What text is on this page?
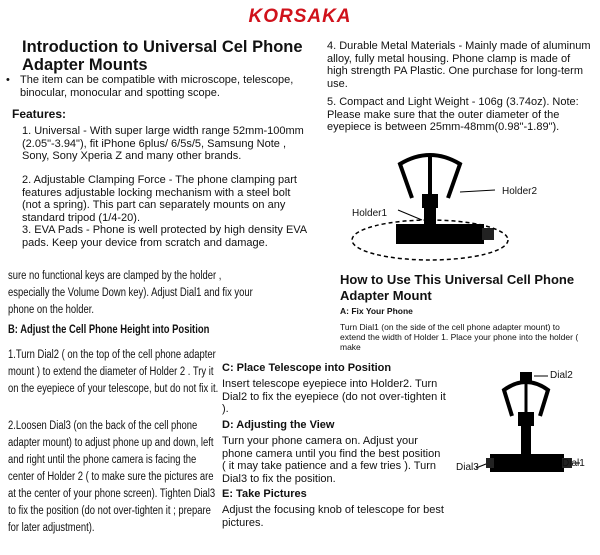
KORSAKA
Introduction to Universal Cel Phone Adapter Mounts
• The item can be compatible with microscope, telescope, binocular, monocular and spotting scope.
Features:
1. Universal - With super large width range 52mm-100mm (2.05"-3.94"), fit iPhone 6plus/ 6/5s/5, Samsung Note , Sony, Sony Xperia Z and many other brands.
2. Adjustable Clamping Force - The phone clamping part features adjustable locking mechanism with a steel bolt (not a spring). This part can separately mounts on any standard tripod (1/4-20).
3. EVA Pads - Phone is well protected by high density EVA pads. Keep your device from scratch and damage.
4. Durable Metal Materials - Mainly made of aluminum alloy, fully metal housing. Phone clamp is made of high strength PA Plastic. One purchase for long-term use.
5. Compact and Light Weight - 106g (3.74oz). Note: Please make sure that the outer diameter of the eyepiece is between 25mm-48mm(0.98"-1.89").
Holder2
Holder1
How to Use This Universal Cell Phone Adapter Mount
A: Fix Your Phone
Turn Dial1 (on the side of the cell phone adapter mount) to extend the width of Holder 1. Place your phone into the holder ( make
sure no functional keys are clamped by the holder , especially the Volume Down key). Adjust Dial1 and fix your phone on the holder.
B: Adjust the Cell Phone Height into Position
1.Turn Dial2 ( on the top of the cell phone adapter mount ) to extend the diameter of Holder 2 . Try it on the eyepiece of your telescope, but do not fix it.
2.Loosen Dial3 (on the back of the cell phone adapter mount) to adjust phone up and down, left and right until the phone camera is facing the center of Holder 2 ( to make sure the pictures are at the center of your phone screen). Tighten Dial3 to fix the position (do not over-tighten it ; prepare for later adjustment).
C: Place Telescope into Position
Insert telescope eyepiece into Holder2. Turn Dial2 to fix the eyepiece (do not over-tighten it ).
D: Adjusting the View
Turn your phone camera on. Adjust your phone camera until you find the best position ( it may take patience and a few tries ). Turn Dial3 to fix the position.
E: Take Pictures
Adjust the focusing knob of telescope for best pictures.
Dial2
Dial1
Dial3
